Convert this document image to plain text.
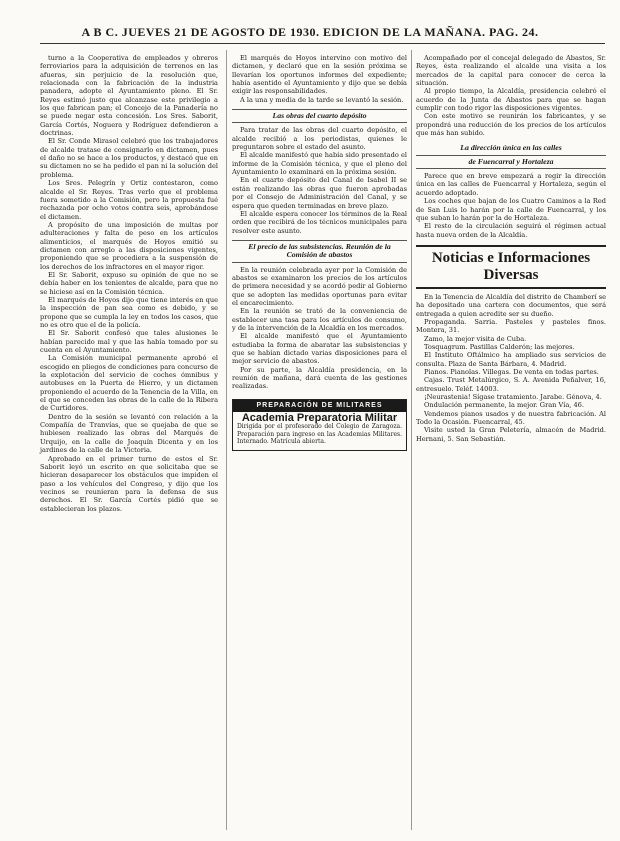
A B C. JUEVES 21 DE AGOSTO DE 1930. EDICION DE LA MAÑANA. PAG. 24.

turno a la Cooperativa de empleados y obreros ferroviarios para la adquisición de terrenos en las afueras, sin perjuicio de la resolución que, relacionada con la fabricación de la industria panadera, adopte el Ayuntamiento pleno. El Sr. Reyes estimó justo que alcanzase este privilegio a los que fabrican pan; el Concejo de la Panadería no se puede negar esta concesión. Los Sres. Saborit, García Cortés, Noguera y Rodríguez defendieron a doctrinas.

El Sr. Conde Mirasol celebró que los trabajadores de alcalde tratase de consignarlo en dictamen, pues el daño no se hace a los productos, y destacó que en su dictamen no se ha pedido el pan ni la solución del problema.

Los Sres. Pelegrín y Ortiz contestaron, como alcalde el Sr. Reyes. Tras verlo que el problema fuera sometido a la Comisión, pero la propuesta fué rechazada por ocho votos contra seis, aprobándose el dictamen.

A propósito de una imposición de multas por adulteraciones y falta de peso en los artículos alimenticios, el marqués de Hoyos emitió su dictamen con arreglo a las disposiciones vigentes, proponiendo que se procediera a la suspensión de los derechos de los infractores en el mayor rigor.

El Sr. Saborit, expuso su opinión de que no se debía haber en los tenientes de alcalde, para que no se hiciese así en la Comisión técnica.

El marqués de Hoyos dijo que tiene interés en que la inspección de pan sea como es debido, y se propone que se cumpla la ley en todos los casos, que no es otro que el de la policía.

El Sr. Saborit confesó que tales alusiones le habían parecido mal y que las había tomado por su cuenta en el Ayuntamiento.

La Comisión municipal permanente aprobó el escogido en pliegos de condiciones para concurso de la explotación del servicio de coches ómnibus y autobuses en la Puerta de Hierro, y un dictamen proponiendo el acuerdo de la Tenencia de la Villa, en el que se conceden las obras de la calle de la Ribera de Curtidores.

Dentro de la sesión se levantó con relación a la Compañía de Tranvías, que se quejaba de que se hubiesen realizado las obras del Marqués de Urquijo, en la calle de Joaquín Dicenta y en los jardines de la calle de la Victoria.

Aprobado en el primer turno de estos el Sr. Saborit leyó un escrito en que solicitaba que se hicieran desaparecer los obstáculos que impiden el paso a los vehículos del Congreso, y dijo que los vecinos se reunieran para la defensa de sus derechos. El Sr. García Cortés pidió que se establecieran los plazos.

El marqués de Hoyos intervino con motivo del dictamen, y declaró que en la sesión próxima se llevarían los oportunos informes del expediente; había asentido el Ayuntamiento y dijo que se debía exigir las responsabilidades.

A la una y media de la tarde se levantó la sesión.

Las obras del cuarto depósito

Para tratar de las obras del cuarto depósito, el alcalde recibió a los periodistas, quienes le preguntaron sobre el estado del asunto.

El alcalde manifestó que había sido presentado el informe de la Comisión técnica, y que el pleno del Ayuntamiento lo examinará en la próxima sesión.

En el cuarto depósito del Canal de Isabel II se están realizando las obras que fueron aprobadas por el Consejo de Administración del Canal, y se espera que queden terminadas en breve plazo.

El alcalde espera conocer los términos de la Real orden que recibirá de los técnicos municipales para resolver este asunto.

El precio de las subsistencias. Reunión de la Comisión de abastos

En la reunión celebrada ayer por la Comisión de abastos se examinaron los precios de los artículos de primera necesidad y se acordó pedir al Gobierno que se adopten las medidas oportunas para evitar el encarecimiento.

En la reunión se trató de la conveniencia de establecer una tasa para los artículos de consumo, y de la intervención de la Alcaldía en los mercados.

El alcalde manifestó que el Ayuntamiento estudiaba la forma de abaratar las subsistencias y que se habían dictado varias disposiciones para el mejor servicio de abastos.

Por su parte, la Alcaldía presidencia, en la reunión de mañana, dará cuenta de las gestiones realizadas.

PREPARACIÓN DE MILITARES
Academia Preparatoria Militar
Dirigida por el profesorado del Colegio de Zaragoza. Preparación para ingreso en las Academias Militares. Internado. Matrícula abierta.

Acompañado por el concejal delegado de Abastos, Sr. Reyes, ésta realizando el alcalde una visita a los mercados de la capital para conocer de cerca la situación.

Al propio tiempo, la Alcaldía, presidencia celebró el acuerdo de la Junta de Abastos para que se hagan cumplir con todo rigor las disposiciones vigentes.

Con este motivo se reunirán los fabricantes, y se propondrá una reducción de los precios de los artículos que más han subido.

La dirección única en las calles
de Fuencarral y Hortaleza

Parece que en breve empezará a regir la dirección única en las calles de Fuencarral y Hortaleza, según el acuerdo adoptado.

Los coches que bajan de los Cuatro Caminos a la Red de San Luis lo harán por la calle de Fuencarral, y los que suban lo harán por la de Hortaleza.

El resto de la circulación seguirá el régimen actual hasta nueva orden de la Alcaldía.

Noticias e Informaciones Diversas

En la Tenencia de Alcaldía del distrito de Chamberí se ha depositado una cartera con documentos, que será entregada a quien acredite ser su dueño.

Propaganda. Sarria. Pasteles y pasteles finos. Montera, 31.

Zamo, la mejor visita de Cuba.

Tosquagrum. Pastillas Calderón; las mejores.

El Instituto Oftálmico ha ampliado sus servicios de consulta. Plaza de Santa Bárbara, 4. Madrid.

Pianos. Pianolas. Villegas. De venta en todas partes.

Cajas. Trust Metalúrgico, S. A. Avenida Peñalver, 16, entresuelo. Teléf. 14003.

¡Neurastenia! Sígase tratamiento. Jarabe. Génova, 4.

Ondulación permanente, la mejor. Gran Vía, 46.

Vendemos pianos usados y de nuestra fabricación. Al Todo la Ocasión. Fuencarral, 45.

Visite usted la Gran Peletería, almacén de Madrid. Hernani, 5. San Sebastián.
